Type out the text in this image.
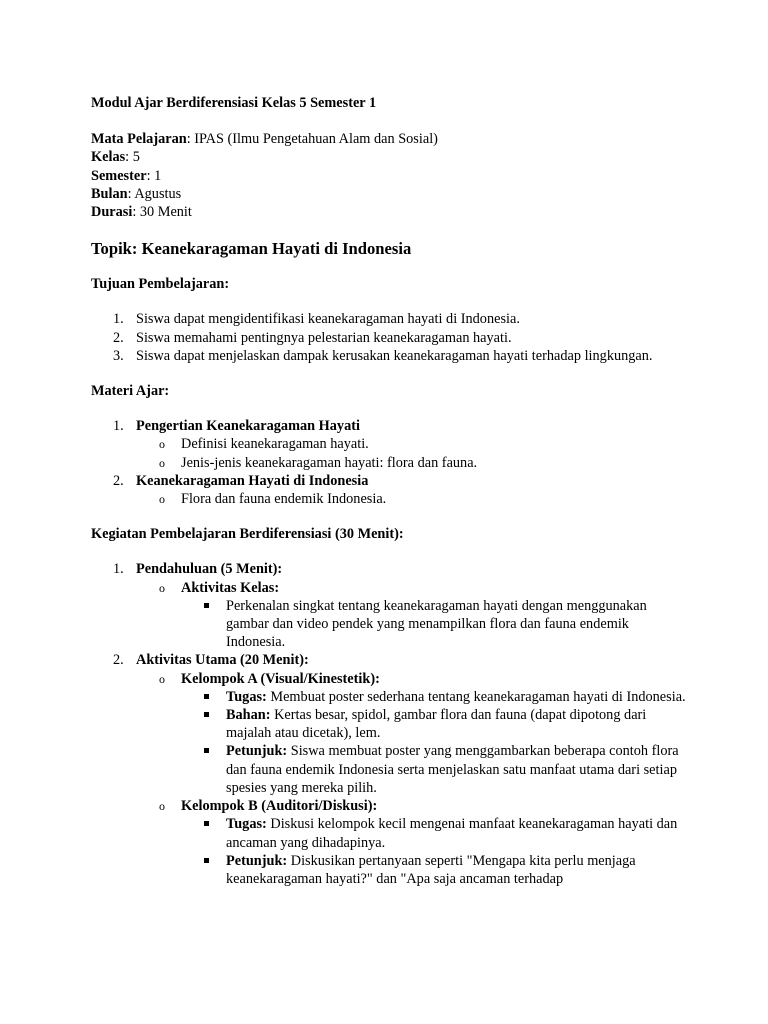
Modul Ajar Berdiferensiasi Kelas 5 Semester 1

Mata Pelajaran: IPAS (Ilmu Pengetahuan Alam dan Sosial)

Kelas: 5

Semester: 1

Bulan: Agustus

Durasi: 30 Menit

Topik: Keanekaragaman Hayati di Indonesia

Tujuan Pembelajaran:

1. Siswa dapat mengidentifikasi keanekaragaman hayati di Indonesia.
2. Siswa memahami pentingnya pelestarian keanekaragaman hayati.
3. Siswa dapat menjelaskan dampak kerusakan keanekaragaman hayati terhadap lingkungan.

Materi Ajar:

1. Pengertian Keanekaragaman Hayati
o Definisi keanekaragaman hayati.
o Jenis-jenis keanekaragaman hayati: flora dan fauna.
2. Keanekaragaman Hayati di Indonesia
o Flora dan fauna endemik Indonesia.

Kegiatan Pembelajaran Berdiferensiasi (30 Menit):

1. Pendahuluan (5 Menit):
o Aktivitas Kelas:
Perkenalan singkat tentang keanekaragaman hayati dengan menggunakan gambar dan video pendek yang menampilkan flora dan fauna endemik Indonesia.
2. Aktivitas Utama (20 Menit):
o Kelompok A (Visual/Kinestetik):
Tugas: Membuat poster sederhana tentang keanekaragaman hayati di Indonesia.
Bahan: Kertas besar, spidol, gambar flora dan fauna (dapat dipotong dari majalah atau dicetak), lem.
Petunjuk: Siswa membuat poster yang menggambarkan beberapa contoh flora dan fauna endemik Indonesia serta menjelaskan satu manfaat utama dari setiap spesies yang mereka pilih.
o Kelompok B (Auditori/Diskusi):
Tugas: Diskusi kelompok kecil mengenai manfaat keanekaragaman hayati dan ancaman yang dihadapinya.
Petunjuk: Diskusikan pertanyaan seperti "Mengapa kita perlu menjaga keanekaragaman hayati?" dan "Apa saja ancaman terhadap
